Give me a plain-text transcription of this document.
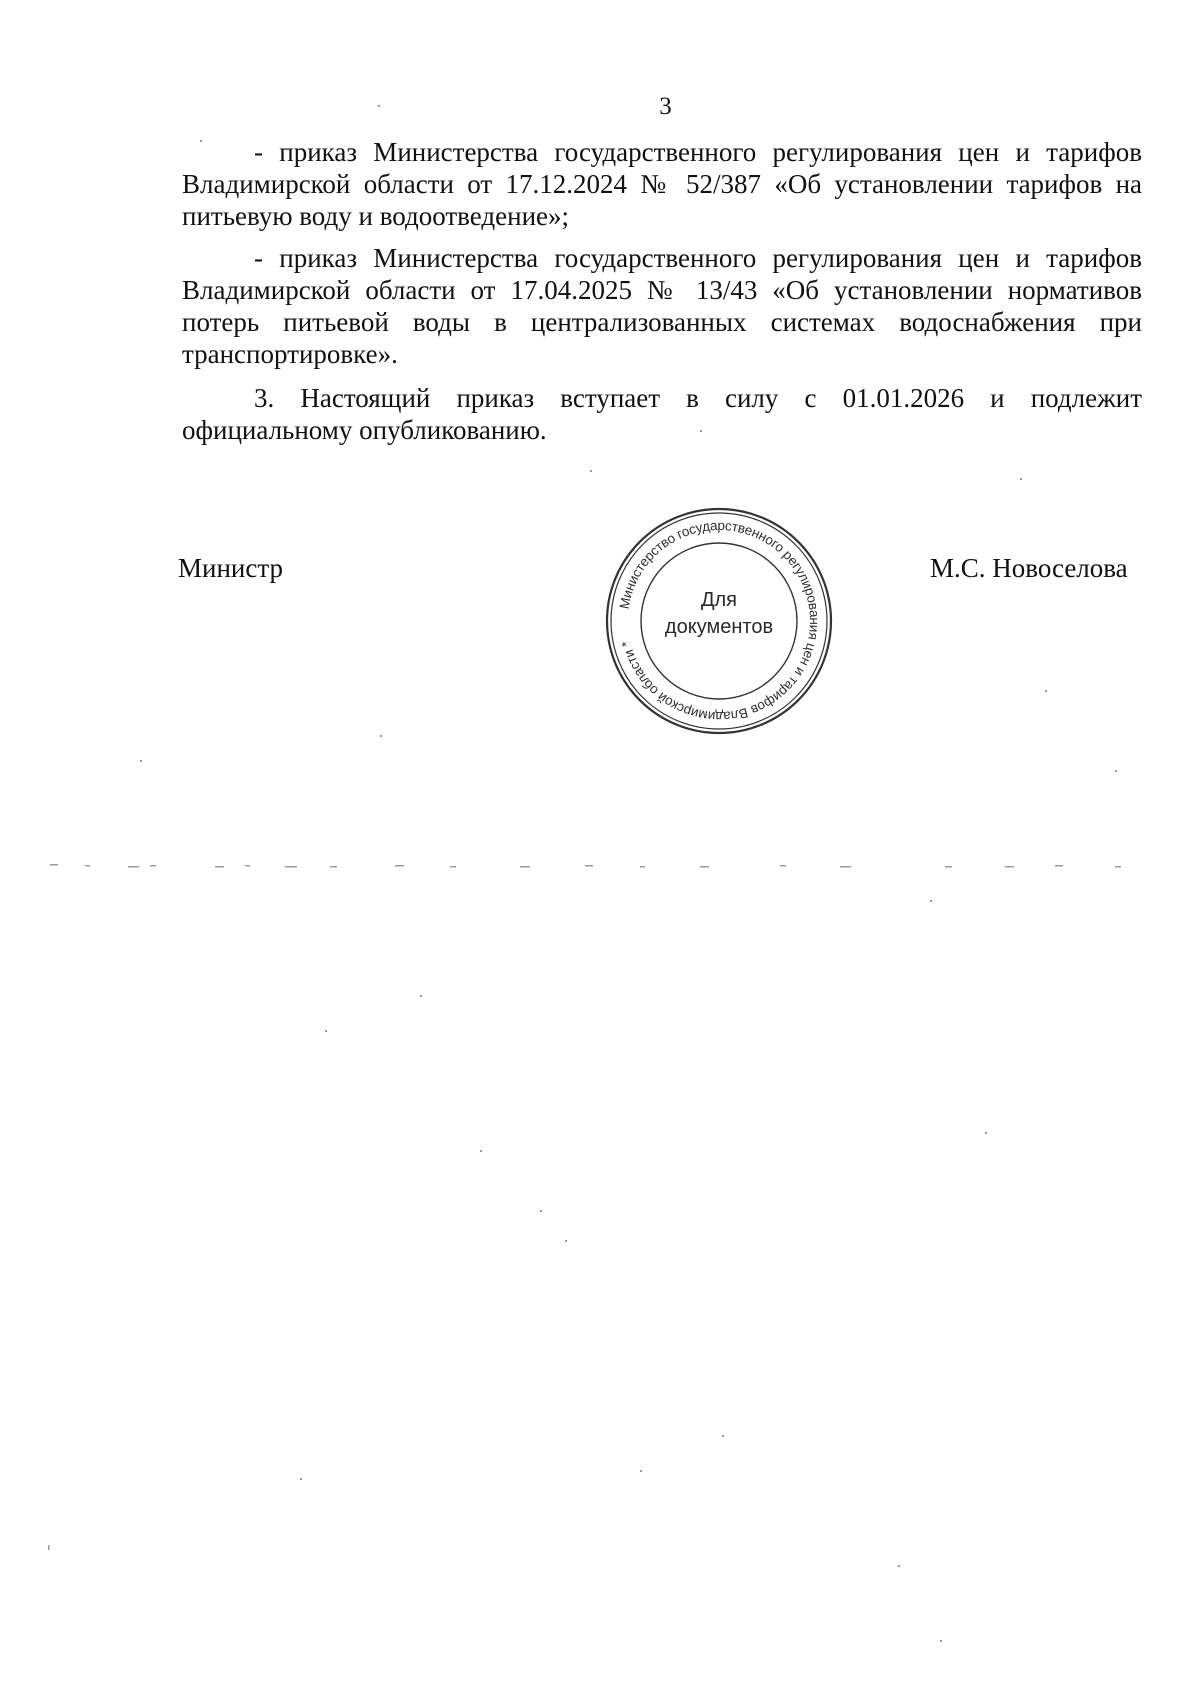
3

- приказ Министерства государственного регулирования цен и тарифов Владимирской области от 17.12.2024 № 52/387 «Об установлении тарифов на питьевую воду и водоотведение»;

- приказ Министерства государственного регулирования цен и тарифов Владимирской области от 17.04.2025 № 13/43 «Об установлении нормативов потерь питьевой воды в централизованных системах водоснабжения при транспортировке».

3. Настоящий приказ вступает в силу с 01.01.2026 и подлежит официальному опубликованию.

Министр
Министерство государственного регулирования цен и тарифов Владимирской области *
Для
документов
М.С. Новоселова
